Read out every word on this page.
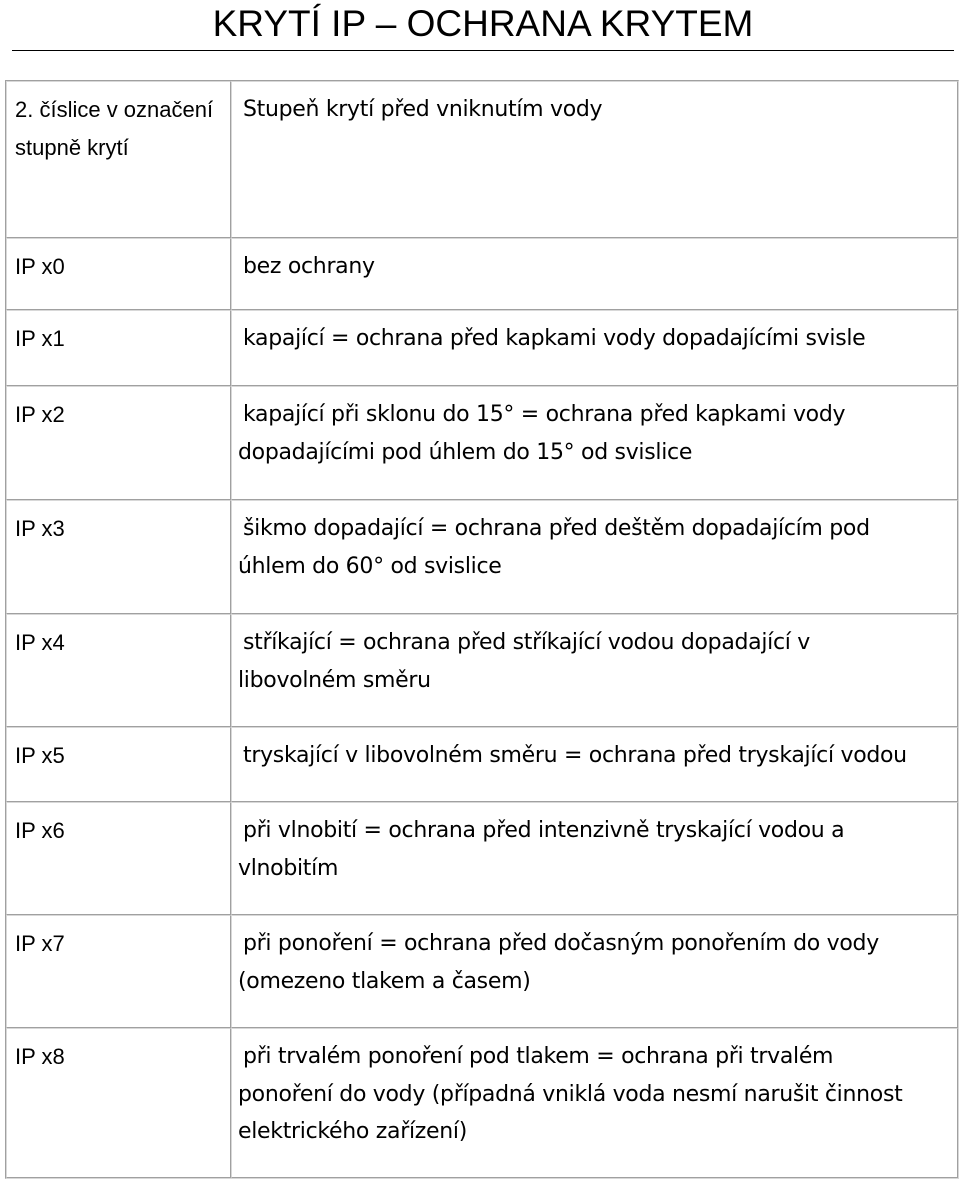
KRYTÍ IP – OCHRANA KRYTEM
2. číslice v označení stupně krytí	Stupeň krytí před vniknutím vody
IP x0	bez ochrany

IP x1	kapající = ochrana před kapkami vody dopadajícími svisle

IP x2	kapající při sklonu do 15° = ochrana před kapkami vody
dopadajícími pod úhlem do 15° od svislice

IP x3	šikmo dopadající = ochrana před deštěm dopadajícím pod
úhlem do 60° od svislice

IP x4	stříkající = ochrana před stříkající vodou dopadající v
libovolném směru

IP x5	tryskající v libovolném směru = ochrana před tryskající vodou

IP x6	při vlnobití = ochrana před intenzivně tryskající vodou a
vlnobitím

IP x7	při ponoření = ochrana před dočasným ponořením do vody
(omezeno tlakem a časem)

IP x8	při trvalém ponoření pod tlakem = ochrana při trvalém
ponoření do vody (případná vniklá voda nesmí narušit činnost
elektrického zařízení)
